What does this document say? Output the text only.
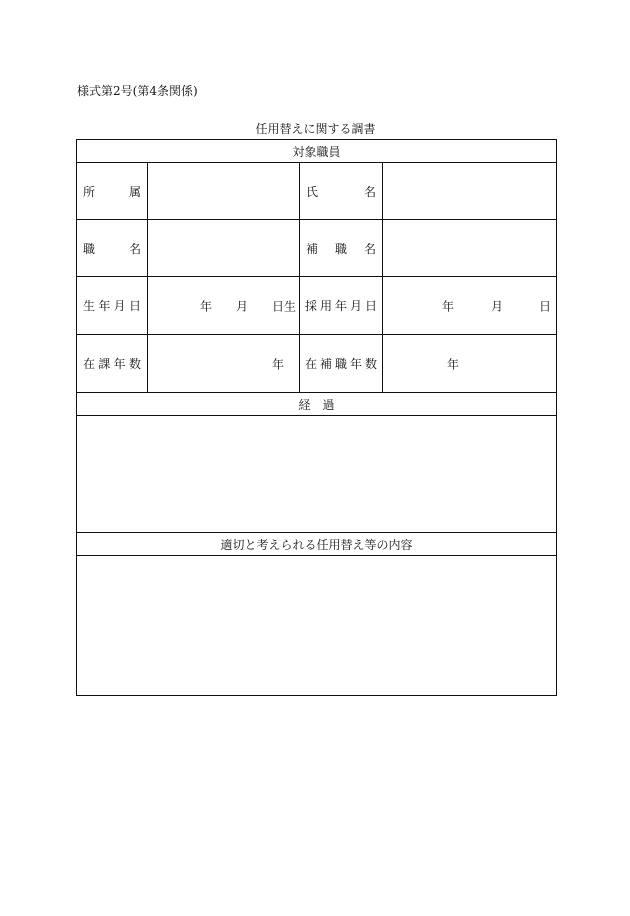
様式第2号(第4条関係)
任用替えに関する調書
対象職員			

所 属		氏 名	

職 名		補 職 名	

生 年 月 日	年 月 日生	採 用 年 月 日	年 月 日

在 課 年 数	年	在 補 職 年 数	年

経　過			

適切と考えられる任用替え等の内容			
